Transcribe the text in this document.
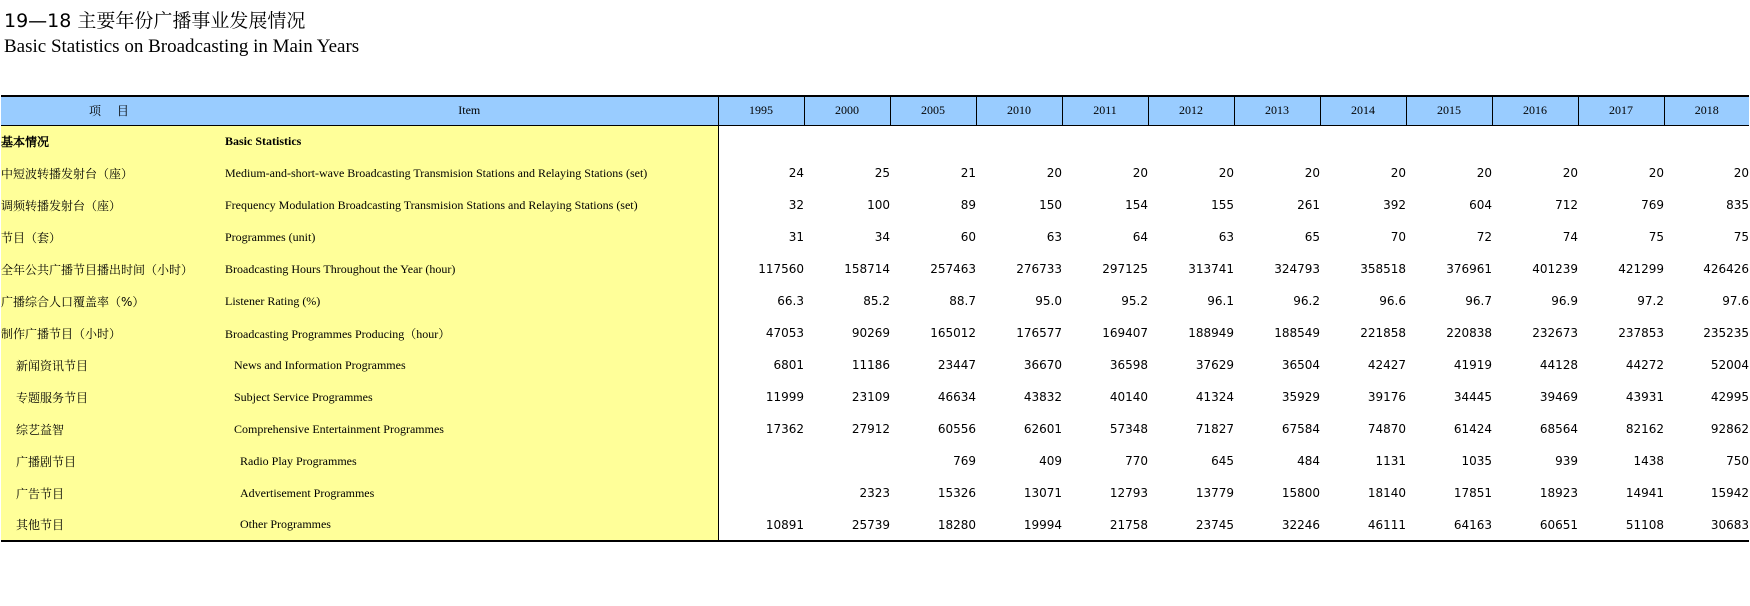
19—18 主要年份广播事业发展情况
Basic Statistics on Broadcasting in Main Years
项 目	Item	1995	2000	2005	2010	2011	2012	2013	2014	2015	2016	2017	2018
基本情况	Basic Statistics												
中短波转播发射台（座）	Medium-and-short-wave Broadcasting Transmision Stations and Relaying Stations (set)	24	25	21	20	20	20	20	20	20	20	20	20
调频转播发射台（座）	Frequency Modulation Broadcasting Transmision Stations and Relaying Stations (set)	32	100	89	150	154	155	261	392	604	712	769	835
节目（套）	Programmes (unit)	31	34	60	63	64	63	65	70	72	74	75	75
全年公共广播节目播出时间（小时）	Broadcasting Hours Throughout the Year (hour)	117560	158714	257463	276733	297125	313741	324793	358518	376961	401239	421299	426426
广播综合人口覆盖率（%）	Listener Rating (%)	66.3	85.2	88.7	95.0	95.2	96.1	96.2	96.6	96.7	96.9	97.2	97.6
制作广播节目（小时）	Broadcasting Programmes Producing（hour）	47053	90269	165012	176577	169407	188949	188549	221858	220838	232673	237853	235235
新闻资讯节目	News and Information Programmes	6801	11186	23447	36670	36598	37629	36504	42427	41919	44128	44272	52004
专题服务节目	Subject Service Programmes	11999	23109	46634	43832	40140	41324	35929	39176	34445	39469	43931	42995
综艺益智	Comprehensive Entertainment Programmes	17362	27912	60556	62601	57348	71827	67584	74870	61424	68564	82162	92862
广播剧节目	Radio Play Programmes			769	409	770	645	484	1131	1035	939	1438	750
广告节目	Advertisement Programmes		2323	15326	13071	12793	13779	15800	18140	17851	18923	14941	15942
其他节目	Other Programmes	10891	25739	18280	19994	21758	23745	32246	46111	64163	60651	51108	30683
